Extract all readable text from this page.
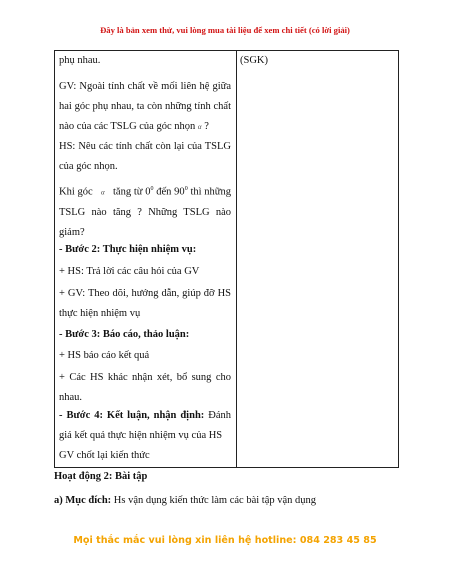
Đây là bản xem thử, vui lòng mua tài liệu để xem chi tiết (có lời giải)
(SGK)
phụ nhau.
GV: Ngoài tính chất về mối liên hệ giữa hai góc phụ nhau, ta còn những tính chất nào của các TSLG của góc nhọn α ?
HS: Nêu các tính chất còn lại của TSLG của góc nhọn.
Khi góc α tăng từ $0^0$ đến $90^0$ thì những TSLG nào tăng ? Những TSLG nào giảm?
- Bước 2: Thực hiện nhiệm vụ:
+ HS: Trả lời các câu hỏi của GV
+ GV: Theo dõi, hướng dẫn, giúp đỡ HS thực hiện nhiệm vụ
- Bước 3: Báo cáo, thảo luận:
+ HS báo cáo kết quả
+ Các HS khác nhận xét, bổ sung cho nhau.
- Bước 4: Kết luận, nhận định: Đánh giá kết quả thực hiện nhiệm vụ của HS
GV chốt lại kiến thức
Hoạt động 2: Bài tập
a) Mục đích: Hs vận dụng kiến thức làm các bài tập vận dụng
Mọi thắc mắc vui lòng xin liên hệ hotline: 084 283 45 85
